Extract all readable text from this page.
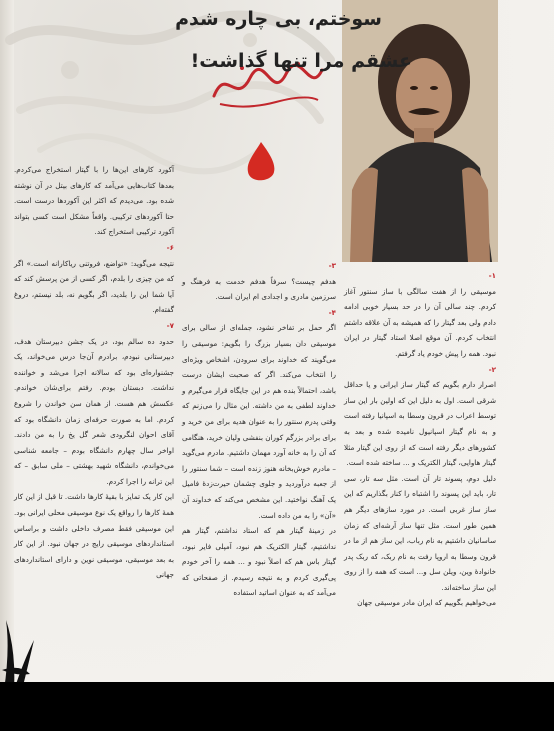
سوختم، بی چاره شدم
عشقم مرا تنها گذاشت!

۱-
موسیقی را از هفت سالگی با ساز سنتور آغاز کردم. چند سالی آن را در حد بسیار خوبی ادامه دادم ولی بعد گیتار را که همیشه به آن علاقه داشتم انتخاب کردم. آن موقع اصلا استاد گیتار در ایران نبود. همه را پیش خودم یاد گرفتم.

۲-
اصرار دارم بگویم که گیتار ساز ایرانی و یا حداقل شرقی است. اول به دلیل این که اولین بار این ساز توسط اعراب در قرون وسطا به اسپانیا رفته است و به نام گیتار اسپانیول نامیده شده و بعد به کشورهای دیگر رفته است که از روی این گیتار مثلا گیتار هاوایی، گیتار الکتریک و ... ساخته شده است.

دلیل دوم، پسوند تار آن است. مثل سه تار، سی تار، باید این پسوند را اشتباه را کنار بگذاریم که این ساز ساز غربی است. در مورد سازهای دیگر هم همین طور است. مثل تنها ساز آرشه‌ای که زمان ساسانیان داشتیم به نام رباب، این ساز هم از ما در قرون وسطا به اروپا رفت به نام ربک، که ربک پدر خانوادهٔ وین، ویلن سل و... است که همه را از روی این ساز ساخته‌اند.

می‌خواهیم بگوییم که ایران مادر موسیقی جهان

۳-
هدفم چیست؟ سرفاً هدفم خدمت به فرهنگ و سرزمین مادری و اجدادی ام ایران است.

۴-
اگر حمل بر تفاخر نشود، جمله‌ای از سالی برای موسیقی دان بسیار بزرگ را بگویم: موسیقی را می‌گویند که خداوند برای سرودن، اشخاص ویژه‌ای را انتخاب می‌کند. اگر که صحبت ایشان درست باشد، احتمالاً بنده هم در این جایگاه قرار می‌گیرم و خداوند لطفی به من داشته. این مثال را می‌زنم که وقتی پدرم سنتور را به عنوان هدیه برای من خرید و برای برادر بزرگم کوران بنفشی ولیان خرید، هنگامی که آن را به خانه آورد مهمان داشتیم. مادرم می‌گوید – مادرم خوش‌بخانه هنوز زنده است – شما سنتور را از جعبه درآوردید و جلوی چشمان حیرت‌زدهٔ فامیل یک آهنگ نواختید. این مشخص می‌کند که خداوند آن «آن» را به من داده است.

در زمینهٔ گیتار هم که استاد نداشتم، گیتار هم نداشتیم، گیتار الکتریک هم نبود، آمپلی فایر نبود، گیتار باس هم که اصلاً نبود و ... همه را آخر خودم پی‌گیری کردم و به نتیجه رسیدم. از صفحاتی که می‌آمد که به عنوان اساتید استفاده

آکورد کارهای این‌ها را با گیتار استخراج می‌کردم. بعدها کتاب‌هایی می‌آمد که کارهای بیتل در آن نوشته شده بود. می‌دیدم که اکثر این آکوردها درست است. حتا آکوردهای ترکیبی. واقعاً مشکل است کسی بتواند آکورد ترکیبی استخراج کند.

۶-
نتیجه می‌گوید: «تواضع، فروتنی ریاکارانه است.» اگر که من چیزی را بلدم، اگر کسی از من پرسش کند که آیا شما این را بلدید، اگر بگویم نه، بلد نیستم، دروغ گفته‌ام.

۷-
حدود ده سالم بود، در یک جشن دبیرستان هدف، دبیرستانی نبودم، برادرم آن‌جا درس می‌خواند، یک جشنواره‌ای بود که سالانه اجرا می‌شد و خواننده نداشت. دبستان بودم. رفتم برای‌شان خواندم. عکسش هم هست. از همان سن خواندن را شروع کردم. اما به صورت حرفه‌ای زمان دانشگاه بود که آقای احوان لنگرودی شعر گل یخ را به من دادند. اواخر سال چهارم دانشگاه بودم – جامعه شناسی می‌خواندم، دانشگاه شهید بهشتی – ملی سابق – که این ترانه را اجرا کردم.

این کار یک تمایز با بقیهٔ کارها داشت. تا قبل از این کار همهٔ کارها را رواقع یک نوع موسیقی محلی ایرانی بود. این موسیقی فقط مصرف داخلی داشت و براساس استانداردهای موسیقی رایج در جهان نبود. از این کار به بعد موسیقی، موسیقی نوین و دارای استانداردهای جهانی
